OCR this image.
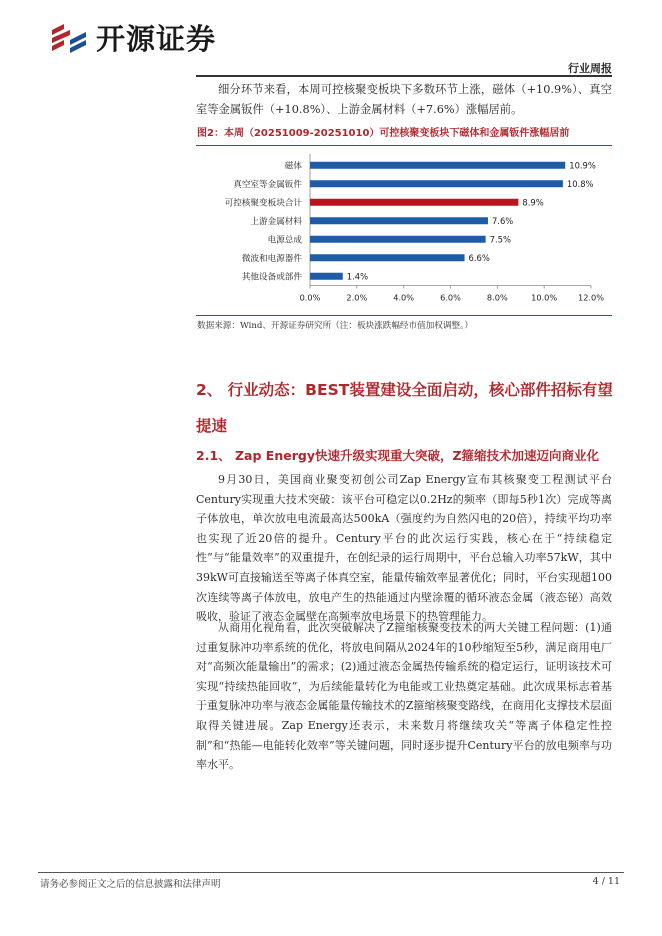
开源证券
行业周报
细分环节来看，本周可控核聚变板块下多数环节上涨，磁体（+10.9%）、真空室等金属钣件（+10.8%）、上游金属材料（+7.6%）涨幅居前。
图2：本周（20251009-20251010）可控核聚变板块下磁体和金属钣件涨幅居前
0.0%	2.0%	4.0%	6.0%	8.0%	10.0%	12.0%
磁体	10.9%
真空室等金属钣件	10.8%
可控核聚变板块合计	8.9%
上游金属材料	7.6%
电源总成	7.5%
微波和电源器件	6.6%
其他设备或部件	1.4%
数据来源：Wind、开源证券研究所（注：板块涨跌幅经市值加权调整。）
2、 行业动态：BEST装置建设全面启动，核心部件招标有望提速
2.1、 Zap Energy快速升级实现重大突破，Z箍缩技术加速迈向商业化
9月30日，美国商业聚变初创公司Zap Energy宣布其核聚变工程测试平台Century实现重大技术突破：该平台可稳定以0.2Hz的频率（即每5秒1次）完成等离子体放电，单次放电电流最高达500kA（强度约为自然闪电的20倍），持续平均功率也实现了近20倍的提升。Century平台的此次运行实践，核心在于“持续稳定性”与“能量效率”的双重提升，在创纪录的运行周期中，平台总输入功率57kW，其中39kW可直接输送至等离子体真空室，能量传输效率显著优化；同时，平台实现超100次连续等离子体放电，放电产生的热能通过内壁涂覆的循环液态金属（液态铋）高效吸收，验证了液态金属壁在高频率放电场景下的热管理能力。
从商用化视角看，此次突破解决了Z箍缩核聚变技术的两大关键工程问题：(1)通过重复脉冲功率系统的优化，将放电间隔从2024年的10秒缩短至5秒，满足商用电厂对“高频次能量输出”的需求；(2)通过液态金属热传输系统的稳定运行，证明该技术可实现“持续热能回收”，为后续能量转化为电能或工业热奠定基础。此次成果标志着基于重复脉冲功率与液态金属能量传输技术的Z箍缩核聚变路线，在商用化支撑技术层面取得关键进展。Zap Energy还表示，未来数月将继续攻关“等离子体稳定性控制”和“热能—电能转化效率”等关键问题，同时逐步提升Century平台的放电频率与功率水平。
请务必参阅正文之后的信息披露和法律声明	4 / 11
